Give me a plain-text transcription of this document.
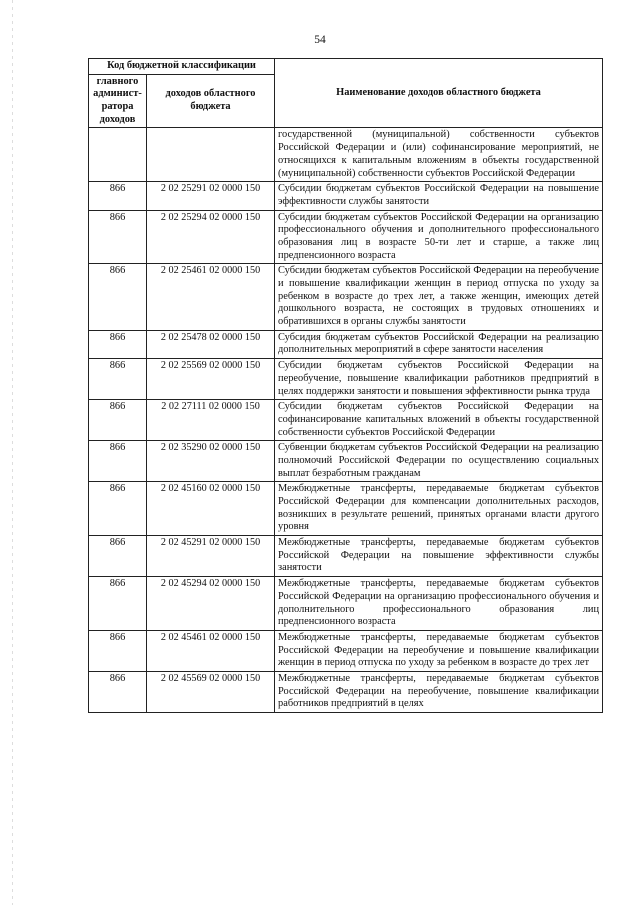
54
Код бюджетной классификации		Наименование доходов областного бюджета

главного админист-ратора доходов	доходов областного бюджета	
		государственной (муниципальной) собственности субъектов Российской Федерации и (или) софинансирование мероприятий, не относящихся к капитальным вложениям в объекты государственной (муниципальной) собственности субъектов Российской Федерации
866	2 02 25291 02 0000 150	Субсидии бюджетам субъектов Российской Федерации на повышение эффективности службы занятости
866	2 02 25294 02 0000 150	Субсидии бюджетам субъектов Российской Федерации на организацию профессионального обучения и дополнительного профессионального образования лиц в возрасте 50-ти лет и старше, а также лиц предпенсионного возраста
866	2 02 25461 02 0000 150	Субсидии бюджетам субъектов Российской Федерации на переобучение и повышение квалификации женщин в период отпуска по уходу за ребенком в возрасте до трех лет, а также женщин, имеющих детей дошкольного возраста, не состоящих в трудовых отношениях и обратившихся в органы службы занятости
866	2 02 25478 02 0000 150	Субсидия бюджетам субъектов Российской Федерации на реализацию дополнительных мероприятий в сфере занятости населения
866	2 02 25569 02 0000 150	Субсидии бюджетам субъектов Российской Федерации на переобучение, повышение квалификации работников предприятий в целях поддержки занятости и повышения эффективности рынка труда
866	2 02 27111 02 0000 150	Субсидии бюджетам субъектов Российской Федерации на софинансирование капитальных вложений в объекты государственной собственности субъектов Российской Федерации
866	2 02 35290 02 0000 150	Субвенции бюджетам субъектов Российской Федерации на реализацию полномочий Российской Федерации по осуществлению социальных выплат безработным гражданам
866	2 02 45160 02 0000 150	Межбюджетные трансферты, передаваемые бюджетам субъектов Российской Федерации для компенсации дополнительных расходов, возникших в результате решений, принятых органами власти другого уровня
866	2 02 45291 02 0000 150	Межбюджетные трансферты, передаваемые бюджетам субъектов Российской Федерации на повышение эффективности службы занятости
866	2 02 45294 02 0000 150	Межбюджетные трансферты, передаваемые бюджетам субъектов Российской Федерации на организацию профессионального обучения и дополнительного профессионального образования лиц предпенсионного возраста
866	2 02 45461 02 0000 150	Межбюджетные трансферты, передаваемые бюджетам субъектов Российской Федерации на переобучение и повышение квалификации женщин в период отпуска по уходу за ребенком в возрасте до трех лет
866	2 02 45569 02 0000 150	Межбюджетные трансферты, передаваемые бюджетам субъектов Российской Федерации на переобучение, повышение квалификации работников предприятий в целях
